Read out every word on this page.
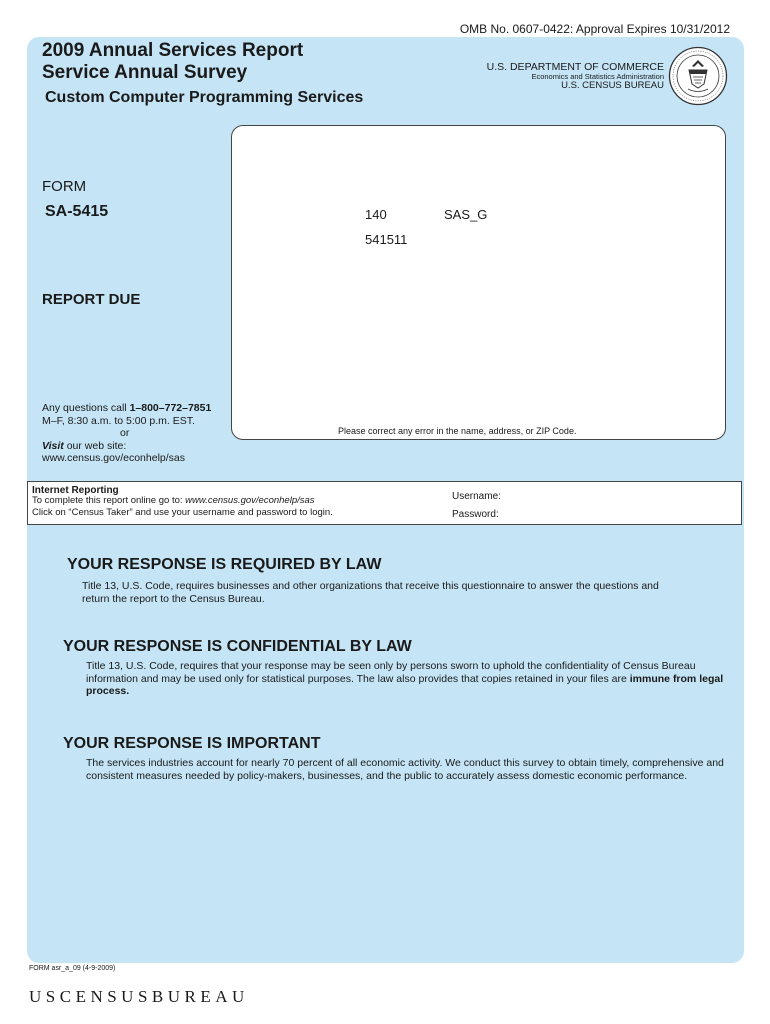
OMB No. 0607-0422: Approval Expires 10/31/2012
2009 Annual Services Report
Service Annual Survey
Custom Computer Programming Services
U.S. DEPARTMENT OF COMMERCE
Economics and Statistics Administration
U.S. CENSUS BUREAU
FORM
SA-5415	140	SAS_G
541511
REPORT DUE
Any questions call 1–800–772–7851
M–F, 8:30 a.m. to 5:00 p.m. EST.
or
Visit our web site:
www.census.gov/econhelp/sas
Please correct any error in the name, address, or ZIP Code.
Internet Reporting
To complete this report online go to: www.census.gov/econhelp/sas
Click on “Census Taker” and use your username and password to login.
Username:
Password:
YOUR RESPONSE IS REQUIRED BY LAW
Title 13, U.S. Code, requires businesses and other organizations that receive this questionnaire to answer the questions and return the report to the Census Bureau.
YOUR RESPONSE IS CONFIDENTIAL BY LAW
Title 13, U.S. Code, requires that your response may be seen only by persons sworn to uphold the confidentiality of Census Bureau information and may be used only for statistical purposes. The law also provides that copies retained in your files are immune from legal process.
YOUR RESPONSE IS IMPORTANT
The services industries account for nearly 70 percent of all economic activity. We conduct this survey to obtain timely, comprehensive and consistent measures needed by policy-makers, businesses, and the public to accurately assess domestic economic performance.
FORM asr_a_09 (4-9-2009)
USCENSUSBUREAU
